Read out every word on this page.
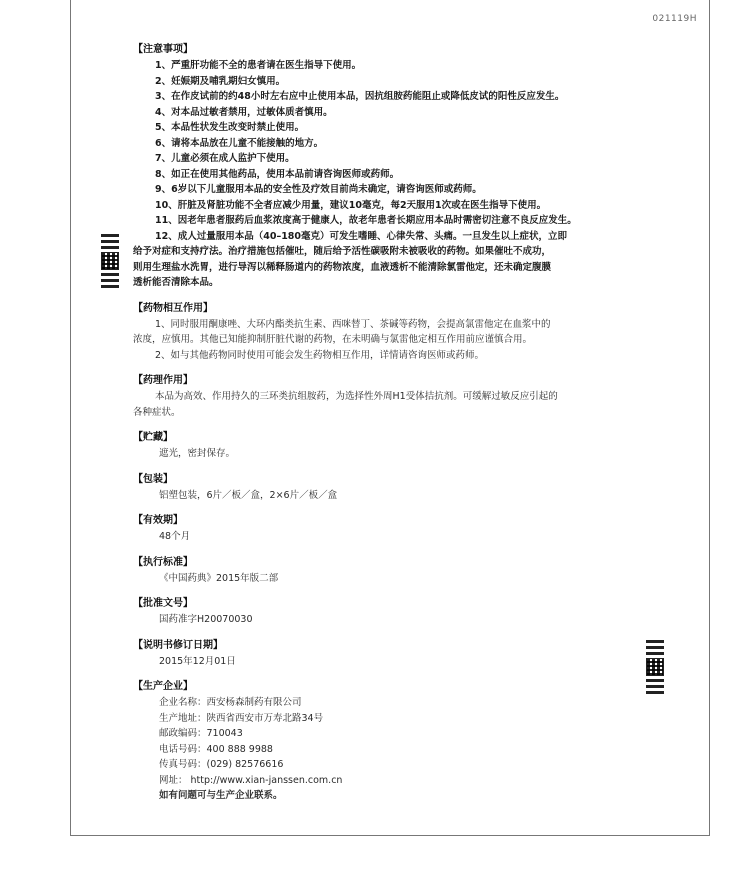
021119H
【注意事项】
1、严重肝功能不全的患者请在医生指导下使用。
2、妊娠期及哺乳期妇女慎用。
3、在作皮试前的约48小时左右应中止使用本品，因抗组胺药能阻止或降低皮试的阳性反应发生。
4、对本品过敏者禁用，过敏体质者慎用。
5、本品性状发生改变时禁止使用。
6、请将本品放在儿童不能接触的地方。
7、儿童必须在成人监护下使用。
8、如正在使用其他药品，使用本品前请咨询医师或药师。
9、6岁以下儿童服用本品的安全性及疗效目前尚未确定，请咨询医师或药师。
10、肝脏及肾脏功能不全者应减少用量，建议10毫克，每2天服用1次或在医生指导下使用。
11、因老年患者服药后血浆浓度高于健康人，故老年患者长期应用本品时需密切注意不良反应发生。
12、成人过量服用本品（40–180毫克）可发生嗜睡、心律失常、头痛。一旦发生以上症状，立即
给予对症和支持疗法。治疗措施包括催吐，随后给予活性碳吸附未被吸收的药物。如果催吐不成功，
则用生理盐水洗胃，进行导泻以稀释肠道内的药物浓度，血液透析不能清除氯雷他定，还未确定腹膜
透析能否清除本品。
【药物相互作用】
1、同时服用酮康唑、大环内酯类抗生素、西咪替丁、茶碱等药物，会提高氯雷他定在血浆中的
浓度，应慎用。其他已知能抑制肝脏代谢的药物，在未明确与氯雷他定相互作用前应谨慎合用。
2、如与其他药物同时使用可能会发生药物相互作用，详情请咨询医师或药师。
【药理作用】
本品为高效、作用持久的三环类抗组胺药，为选择性外周H1受体拮抗剂。可缓解过敏反应引起的
各种症状。
【贮藏】
遮光，密封保存。
【包装】
铝塑包装，6片／板／盒，2×6片／板／盒
【有效期】
48个月
【执行标准】
《中国药典》2015年版二部
【批准文号】
国药准字H20070030
【说明书修订日期】
2015年12月01日
【生产企业】
企业名称：西安杨森制药有限公司
生产地址：陕西省西安市万寿北路34号
邮政编码：710043
电话号码：400 888 9988
传真号码：(029) 82576616
网址： http://www.xian-janssen.com.cn
如有问题可与生产企业联系。
